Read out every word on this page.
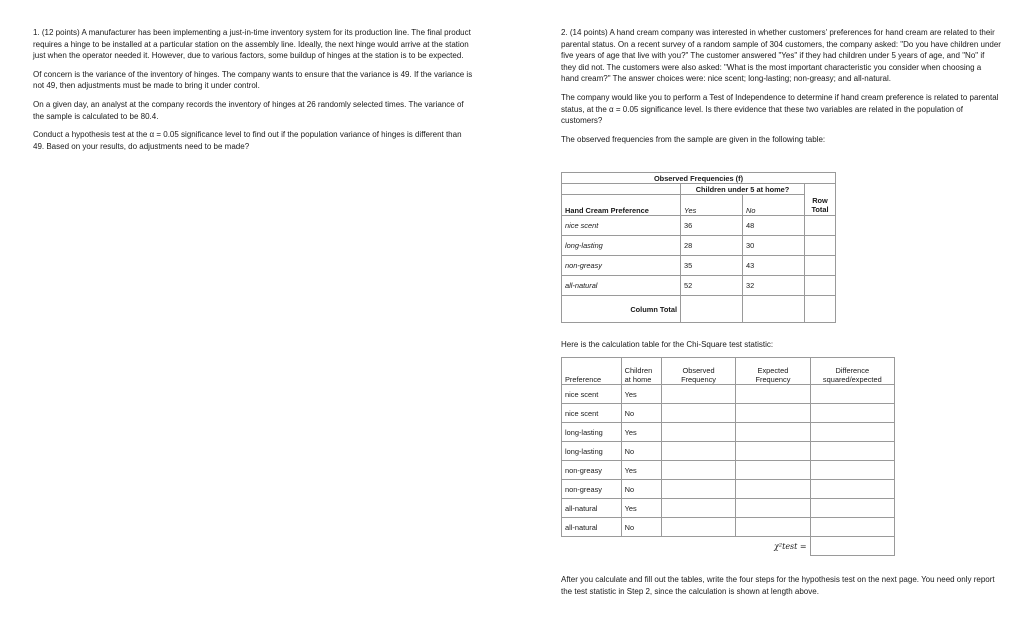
1. (12 points) A manufacturer has been implementing a just-in-time inventory system for its production line. The final product requires a hinge to be installed at a particular station on the assembly line. Ideally, the next hinge would arrive at the station just when the operator needed it. However, due to various factors, some buildup of hinges at the station is to be expected.

Of concern is the variance of the inventory of hinges. The company wants to ensure that the variance is 49. If the variance is not 49, then adjustments must be made to bring it under control.

On a given day, an analyst at the company records the inventory of hinges at 26 randomly selected times. The variance of the sample is calculated to be 80.4.

Conduct a hypothesis test at the α = 0.05 significance level to find out if the population variance of hinges is different than 49. Based on your results, do adjustments need to be made?

2. (14 points) A hand cream company was interested in whether customers' preferences for hand cream are related to their parental status. On a recent survey of a random sample of 304 customers, the company asked: "Do you have children under five years of age that live with you?" The customer answered "Yes" if they had children under 5 years of age, and "No" if they did not. The customers were also asked: "What is the most important characteristic you consider when choosing a hand cream?" The answer choices were: nice scent; long-lasting; non-greasy; and all-natural.

The company would like you to perform a Test of Independence to determine if hand cream preference is related to parental status, at the α = 0.05 significance level. Is there evidence that these two variables are related in the population of customers?

The observed frequencies from the sample are given in the following table:

Observed Frequencies (f)			
	Children under 5 at home?		
Hand Cream Preference	Yes	No	Row Total
nice scent	36	48	
long-lasting	28	30	
non-greasy	35	43	
all-natural	52	32	
Column Total			
Here is the calculation table for the Chi-Square test statistic:
Preference	Children at home	Observed Frequency	Expected Frequency	Difference squared/expected
nice scent	Yes			
nice scent	No			
long-lasting	Yes			
long-lasting	No			
non-greasy	Yes			
non-greasy	No			
all-natural	Yes			
all-natural	No			
χ²test =				
After you calculate and fill out the tables, write the four steps for the hypothesis test on the next page. You need only report the test statistic in Step 2, since the calculation is shown at length above.
